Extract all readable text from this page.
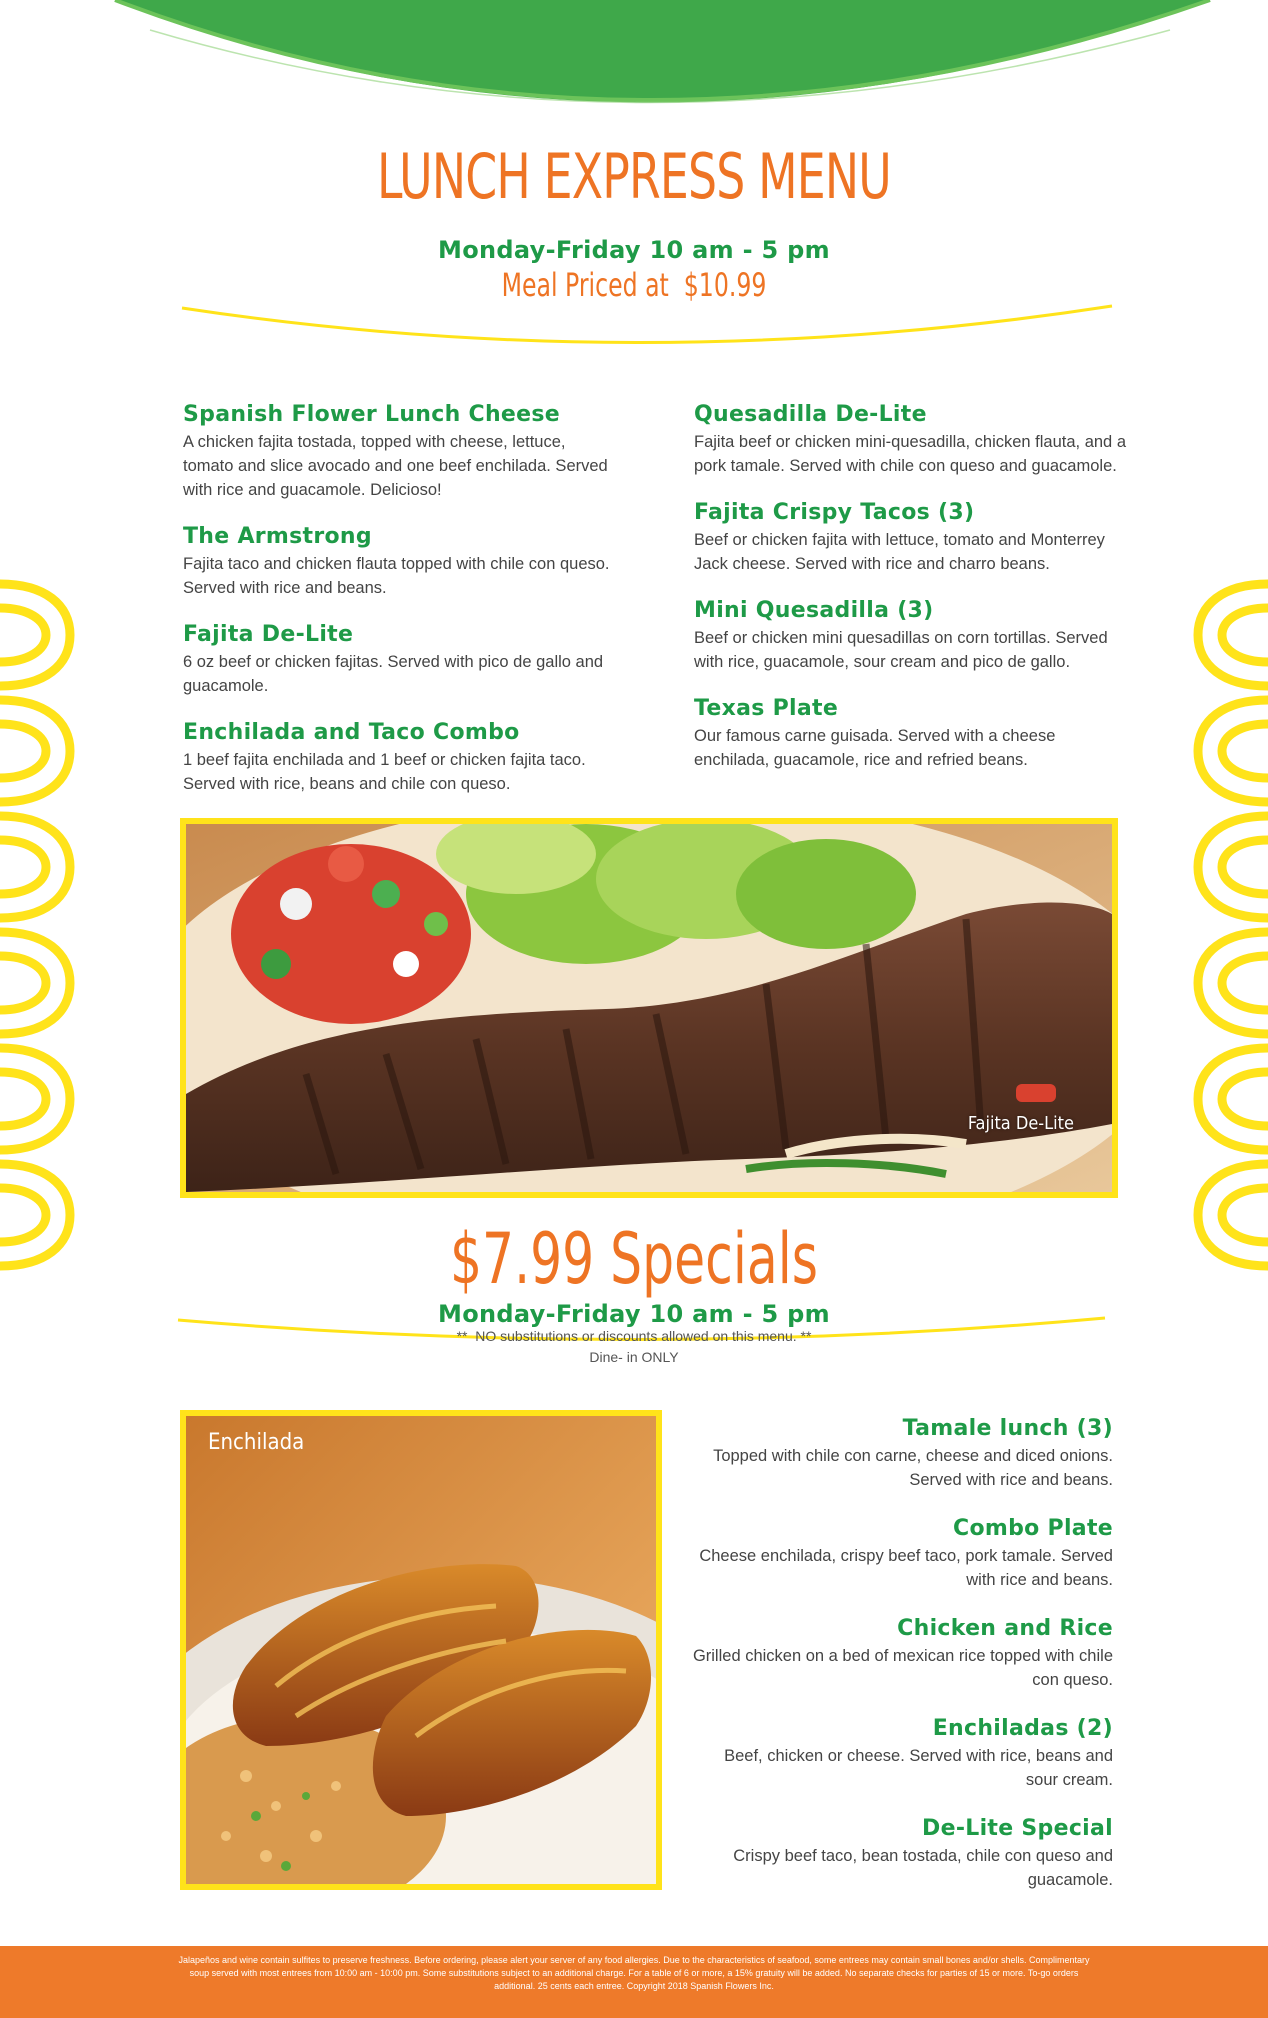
LUNCH EXPRESS MENU
Monday-Friday 10 am - 5 pm
Meal Priced at  $10.99
Spanish Flower Lunch Cheese
A chicken fajita tostada, topped with cheese, lettuce, tomato and slice avocado and one beef enchilada. Served with rice and guacamole. Delicioso!
The Armstrong
Fajita taco and chicken flauta topped with chile con queso. Served with rice and beans.
Fajita De-Lite
6 oz beef or chicken fajitas. Served with pico de gallo and guacamole.
Enchilada and Taco Combo
1 beef fajita enchilada and 1 beef or chicken fajita taco. Served with rice, beans and chile con queso.
Quesadilla De-Lite
Fajita beef or chicken mini-quesadilla, chicken flauta, and a pork tamale. Served with chile con queso and guacamole.
Fajita Crispy Tacos (3)
Beef or chicken fajita with lettuce, tomato and Monterrey Jack cheese. Served with rice and charro beans.
Mini Quesadilla (3)
Beef or chicken mini quesadillas on corn tortillas. Served with rice, guacamole, sour cream and pico de gallo.
Texas Plate
Our famous carne guisada. Served with a cheese enchilada, guacamole, rice and refried beans.
Fajita De-Lite
$7.99 Specials
Monday-Friday 10 am - 5 pm
**  NO substitutions or discounts allowed on this menu. **
Dine- in ONLY
Enchilada
Tamale lunch (3)
Topped with chile con carne, cheese and diced onions. Served with rice and beans.
Combo Plate
Cheese enchilada, crispy beef taco, pork tamale. Served with rice and beans.
Chicken and Rice
Grilled chicken on a bed of mexican rice topped with chile con queso.
Enchiladas (2)
Beef, chicken or cheese. Served with rice, beans and sour cream.
De-Lite Special
Crispy beef taco, bean tostada, chile con queso and guacamole.
Jalapeños and wine contain sulfites to preserve freshness. Before ordering, please alert your server of any food allergies. Due to the characteristics of seafood, some entrees may contain small bones and/or shells. Complimentary soup served with most entrees from 10:00 am - 10:00 pm. Some substitutions subject to an additional charge. For a table of 6 or more, a 15% gratuity will be added. No separate checks for parties of 15 or more. To-go orders additional. 25 cents each entree. Copyright 2018 Spanish Flowers Inc.
